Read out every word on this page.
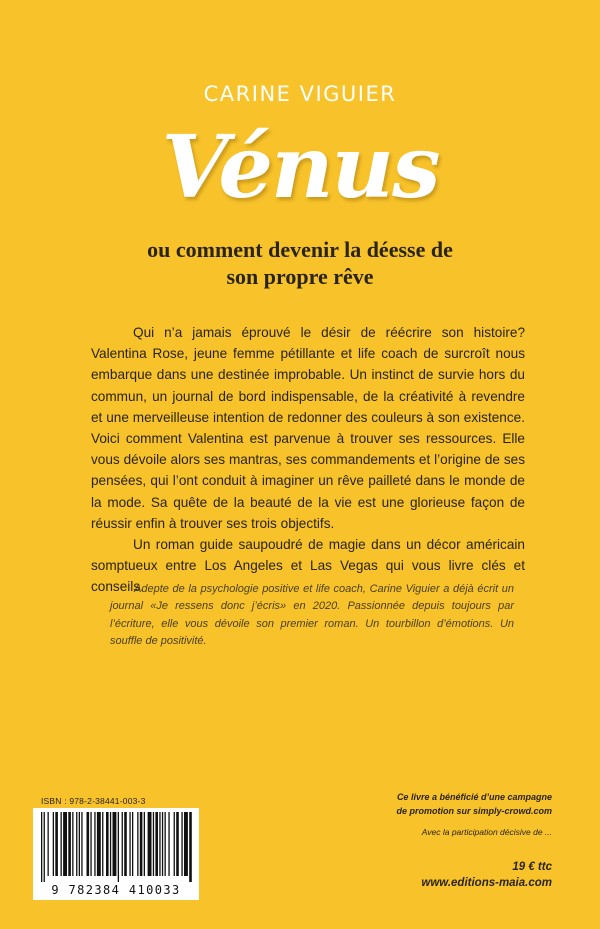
CARINE VIGUIER
Vénus
ou comment devenir la déesse de
son propre rêve

Qui n’a jamais éprouvé le désir de réécrire son histoire? Valentina Rose, jeune femme pétillante et life coach de surcroît nous embarque dans une destinée improbable. Un instinct de survie hors du commun, un journal de bord indispensable, de la créativité à revendre et une merveilleuse intention de redonner des couleurs à son existence. Voici comment Valentina est parvenue à trouver ses ressources. Elle vous dévoile alors ses mantras, ses commandements et l’origine de ses pensées, qui l’ont conduit à imaginer un rêve pailleté dans le monde de la mode. Sa quête de la beauté de la vie est une glorieuse façon de réussir enfin à trouver ses trois objectifs.

Un roman guide saupoudré de magie dans un décor américain somptueux entre Los Angeles et Las Vegas qui vous livre clés et conseils.

Adepte de la psychologie positive et life coach, Carine Viguier a déjà écrit un journal «Je ressens donc j’écris» en 2020. Passionnée depuis toujours par l’écriture, elle vous dévoile son premier roman. Un tourbillon d’émotions. Un souffle de positivité.
ISBN : 978-2-38441-003-3
9 782384 410033
Ce livre a bénéficié d’une campagne
de promotion sur simply-crowd.com
Avec la participation décisive de ...
19 € ttc
www.editions-maia.com
